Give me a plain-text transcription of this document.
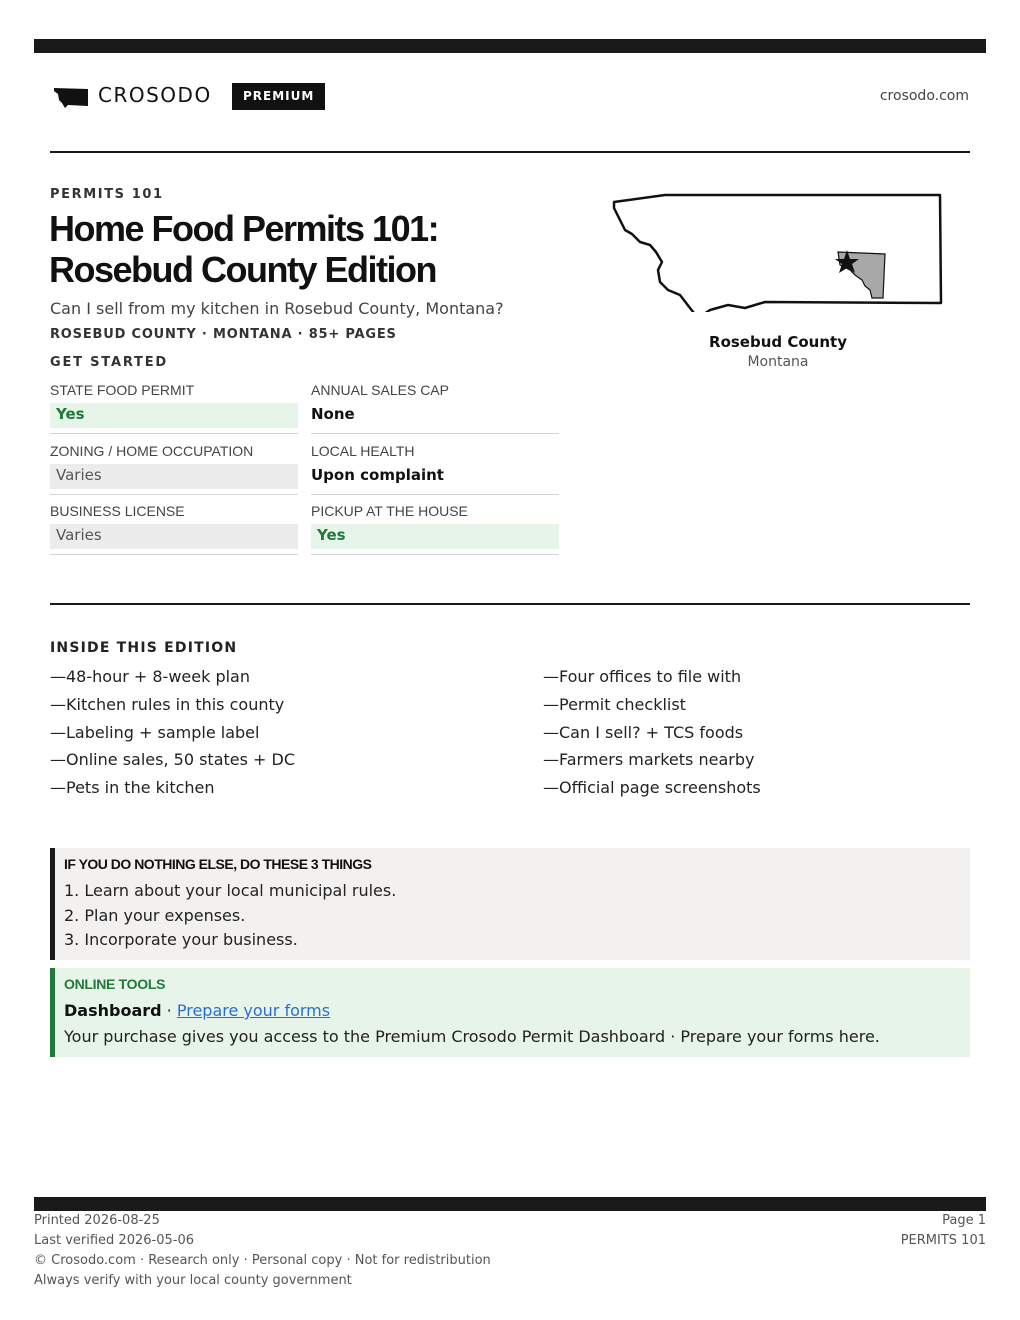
CROSODO	PREMIUM	crosodo.com
PERMITS 101
Home Food Permits 101:
Rosebud County Edition
Can I sell from my kitchen in Rosebud County, Montana?
ROSEBUD COUNTY · MONTANA · 85+ PAGES
GET STARTED
STATE FOOD PERMIT
Yes
ANNUAL SALES CAP
None
ZONING / HOME OCCUPATION
Varies
LOCAL HEALTH
Upon complaint
BUSINESS LICENSE
Varies
PICKUP AT THE HOUSE
Yes
Rosebud County
Montana
INSIDE THIS EDITION
—48-hour + 8-week plan
—Kitchen rules in this county
—Labeling + sample label
—Online sales, 50 states + DC
—Pets in the kitchen
—Four offices to file with
—Permit checklist
—Can I sell? + TCS foods
—Farmers markets nearby
—Official page screenshots
IF YOU DO NOTHING ELSE, DO THESE 3 THINGS
1. Learn about your local municipal rules.
2. Plan your expenses.
3. Incorporate your business.
ONLINE TOOLS
Dashboard · Prepare your forms
Your purchase gives you access to the Premium Crosodo Permit Dashboard · Prepare your forms here.
Printed 2026-08-25
Last verified 2026-05-06
© Crosodo.com · Research only · Personal copy · Not for redistribution
Always verify with your local county government
Page 1
PERMITS 101
